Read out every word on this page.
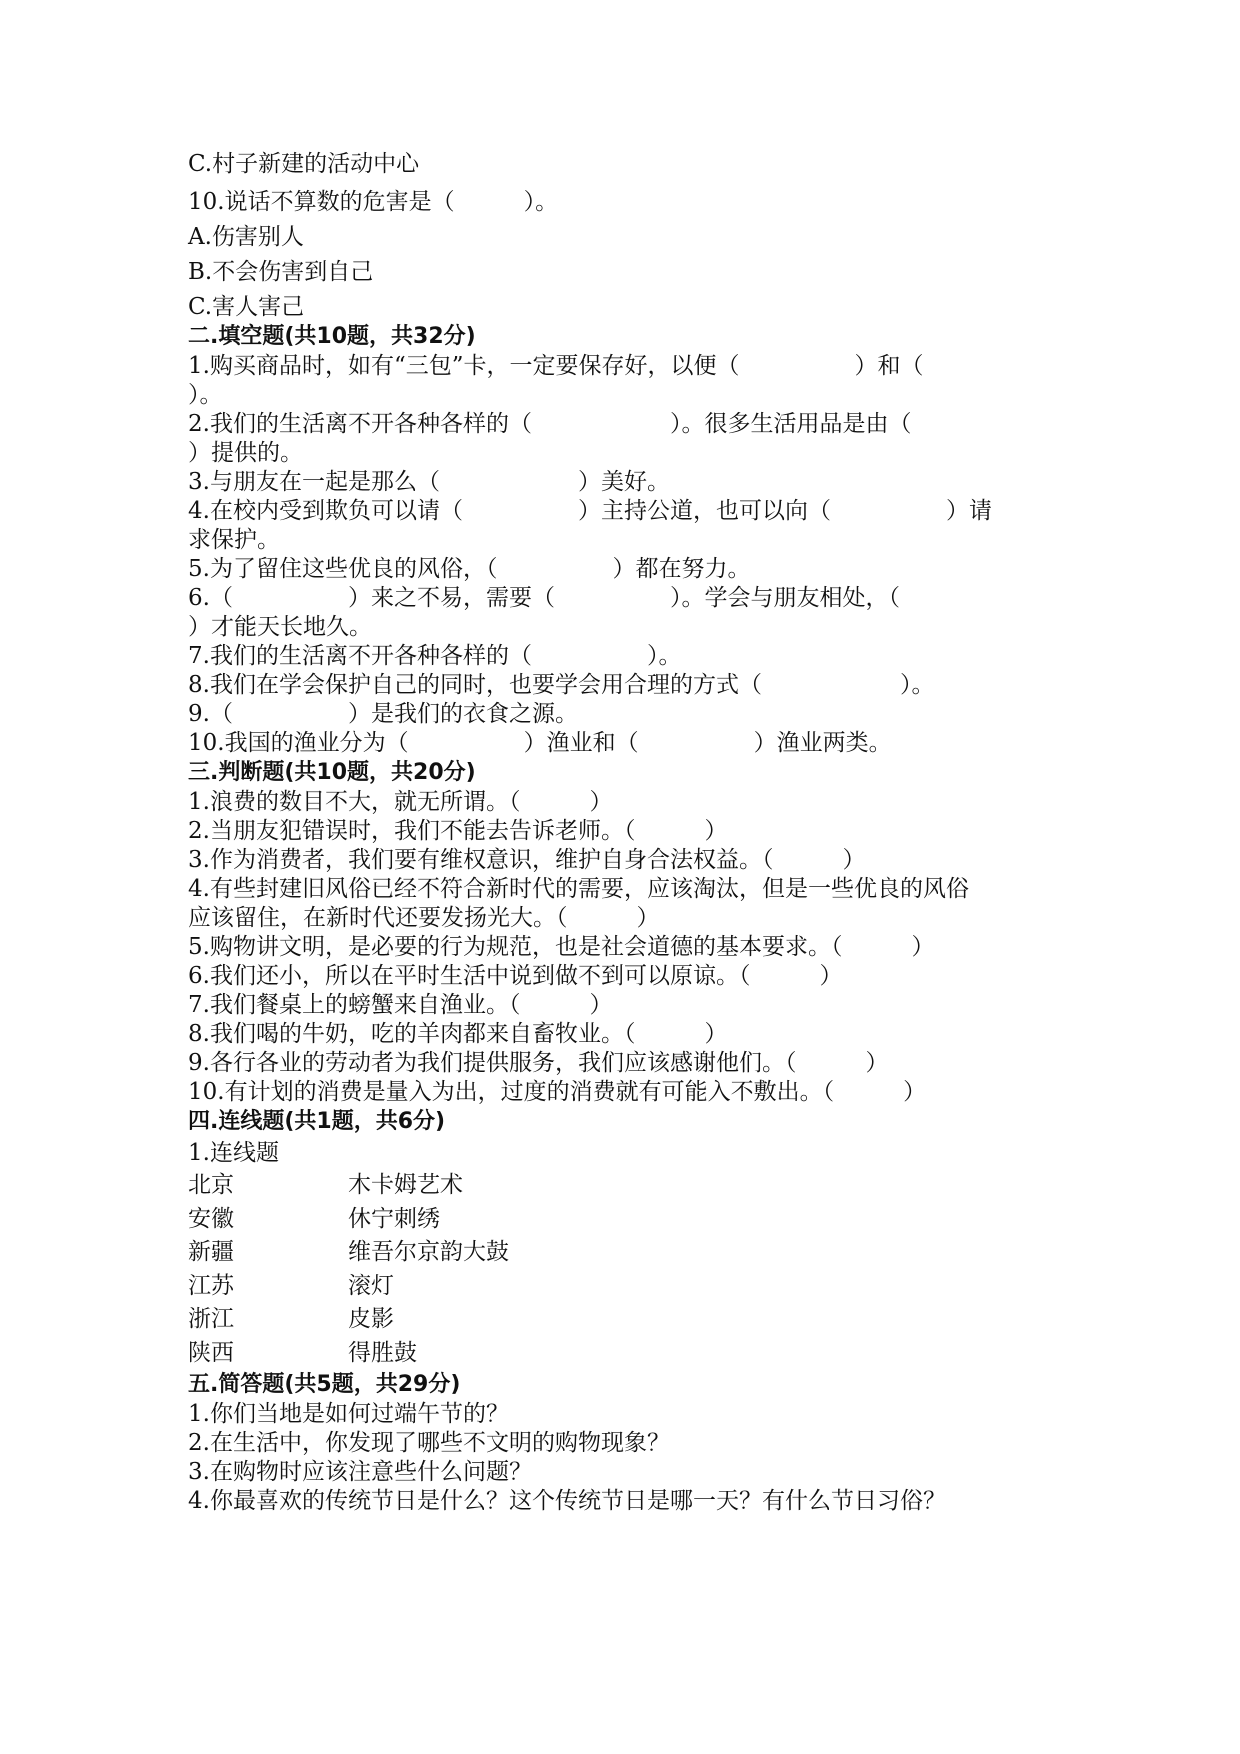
C.村子新建的活动中心
10.说话不算数的危害是（　　　）。
A.伤害别人
B.不会伤害到自己
C.害人害己
二.填空题(共10题，共32分)
1.购买商品时，如有“三包”卡，一定要保存好，以便（　　　　　）和（
）。
2.我们的生活离不开各种各样的（　　　　　　）。很多生活用品是由（
）提供的。
3.与朋友在一起是那么（　　　　　　）美好。
4.在校内受到欺负可以请（　　　　　）主持公道，也可以向（　　　　　）请
求保护。
5.为了留住这些优良的风俗，（　　　　　）都在努力。
6.（　　　　　）来之不易，需要（　　　　　）。学会与朋友相处，（
）才能天长地久。
7.我们的生活离不开各种各样的（　　　　　）。
8.我们在学会保护自己的同时，也要学会用合理的方式（　　　　　　）。
9.（　　　　　）是我们的衣食之源。
10.我国的渔业分为（　　　　　）渔业和（　　　　　）渔业两类。
三.判断题(共10题，共20分)
1.浪费的数目不大，就无所谓。（　　　）
2.当朋友犯错误时，我们不能去告诉老师。（　　　）
3.作为消费者，我们要有维权意识，维护自身合法权益。（　　　）
4.有些封建旧风俗已经不符合新时代的需要，应该淘汰，但是一些优良的风俗
应该留住，在新时代还要发扬光大。（　　　）
5.购物讲文明，是必要的行为规范，也是社会道德的基本要求。（　　　）
6.我们还小，所以在平时生活中说到做不到可以原谅。（　　　）
7.我们餐桌上的螃蟹来自渔业。（　　　）
8.我们喝的牛奶，吃的羊肉都来自畜牧业。（　　　）
9.各行各业的劳动者为我们提供服务，我们应该感谢他们。（　　　）
10.有计划的消费是量入为出，过度的消费就有可能入不敷出。（　　　）
四.连线题(共1题，共6分)
1.连线题
北京	木卡姆艺术
安徽	休宁刺绣
新疆	维吾尔京韵大鼓
江苏	滚灯
浙江	皮影
陕西	得胜鼓
五.简答题(共5题，共29分)
1.你们当地是如何过端午节的？
2.在生活中，你发现了哪些不文明的购物现象？
3.在购物时应该注意些什么问题？
4.你最喜欢的传统节日是什么？这个传统节日是哪一天？有什么节日习俗？
